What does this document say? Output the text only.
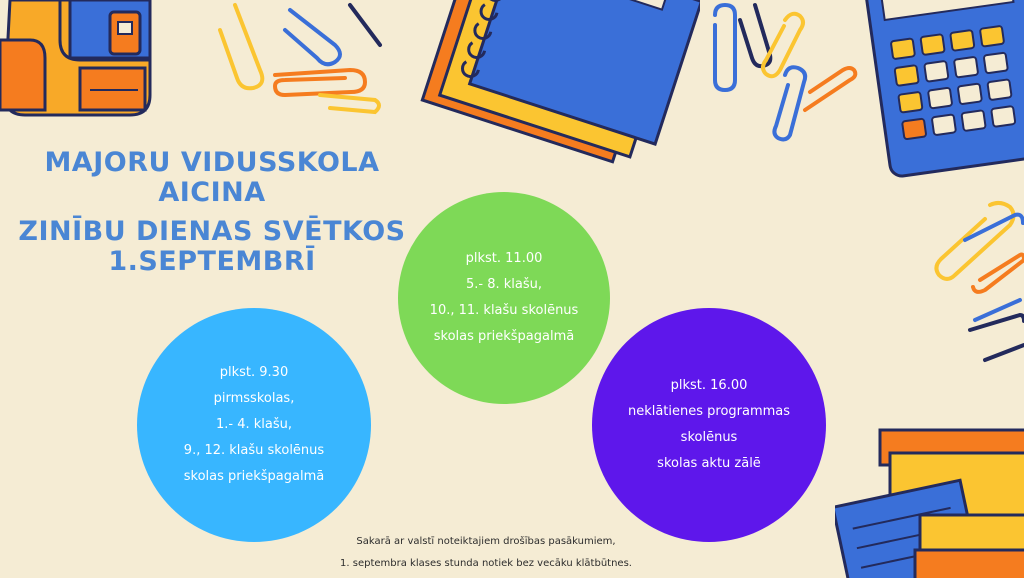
MAJORU VIDUSSKOLA
AICINA
ZINĪBU DIENAS SVĒTKOS
1.SEPTEMBRĪ
plkst. 9.30
pirmsskolas,
1.- 4. klašu,
9., 12. klašu skolēnus
skolas priekšpagalmā
plkst. 11.00
5.- 8. klašu,
10., 11. klašu skolēnus
skolas priekšpagalmā
plkst. 16.00
neklātienes programmas
skolēnus
skolas aktu zālē
Sakarā ar valstī noteiktajiem drošības pasākumiem,
1. septembra klases stunda notiek bez vecāku klātbūtnes.
